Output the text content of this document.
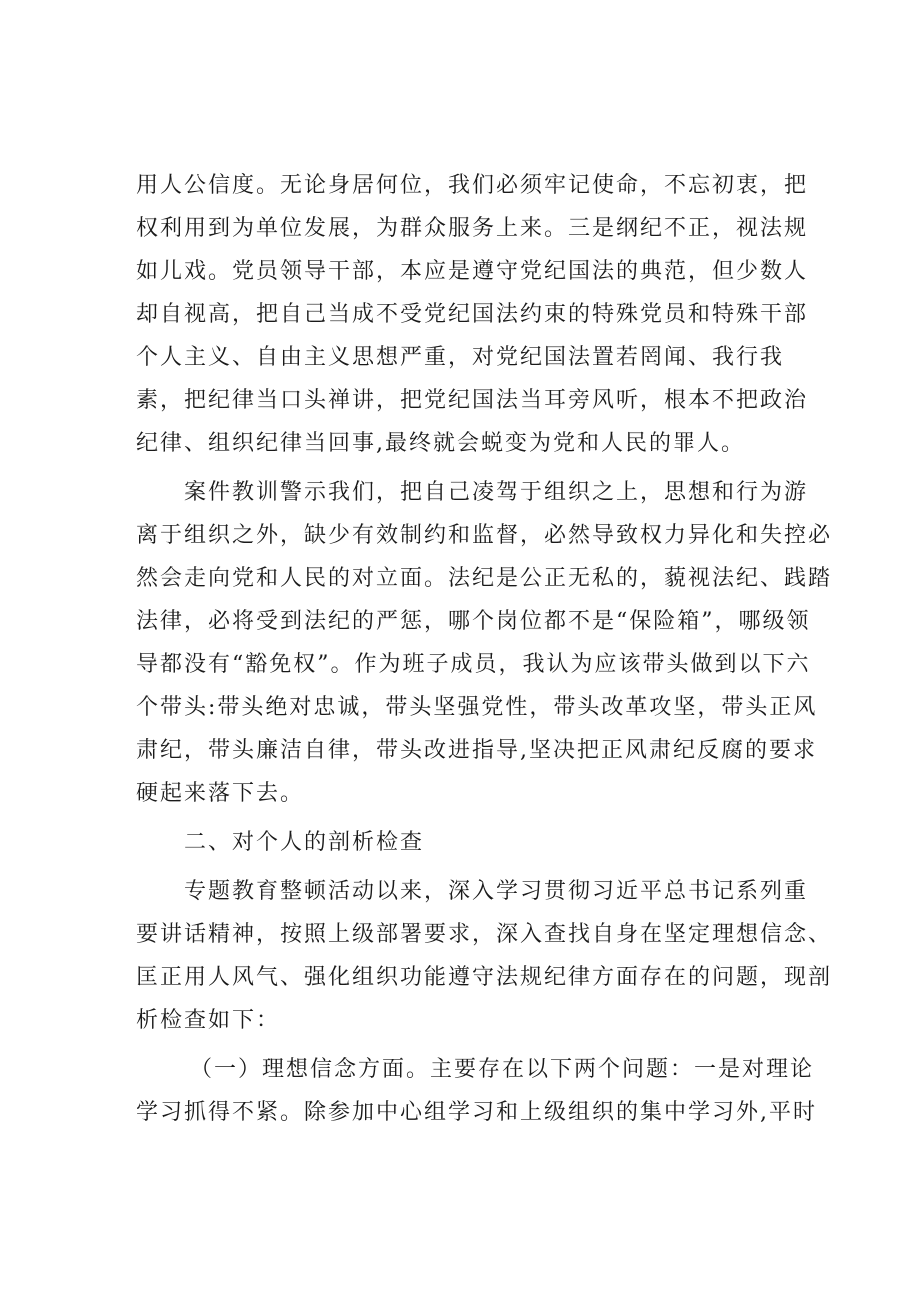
用人公信度。无论身居何位，我们必须牢记使命，不忘初衷，把
权利用到为单位发展，为群众服务上来。三是纲纪不正，视法规
如儿戏。党员领导干部，本应是遵守党纪国法的典范，但少数人
却自视高，把自己当成不受党纪国法约束的特殊党员和特殊干部
个人主义、自由主义思想严重，对党纪国法置若罔闻、我行我
素，把纪律当口头禅讲，把党纪国法当耳旁风听，根本不把政治
纪律、组织纪律当回事,最终就会蜕变为党和人民的罪人。
案件教训警示我们，把自己凌驾于组织之上，思想和行为游
离于组织之外，缺少有效制约和监督，必然导致权力异化和失控必
然会走向党和人民的对立面。法纪是公正无私的，藐视法纪、践踏
法律，必将受到法纪的严惩，哪个岗位都不是“保险箱”，哪级领
导都没有“豁免权”。作为班子成员，我认为应该带头做到以下六
个带头:带头绝对忠诚，带头坚强党性，带头改革攻坚，带头正风
肃纪，带头廉洁自律，带头改进指导,坚决把正风肃纪反腐的要求
硬起来落下去。
二、对个人的剖析检查
专题教育整顿活动以来，深入学习贯彻习近平总书记系列重
要讲话精神，按照上级部署要求，深入查找自身在坚定理想信念、
匡正用人风气、强化组织功能遵守法规纪律方面存在的问题，现剖
析检查如下：
（一）理想信念方面。主要存在以下两个问题：一是对理论
学习抓得不紧。除参加中心组学习和上级组织的集中学习外,平时
